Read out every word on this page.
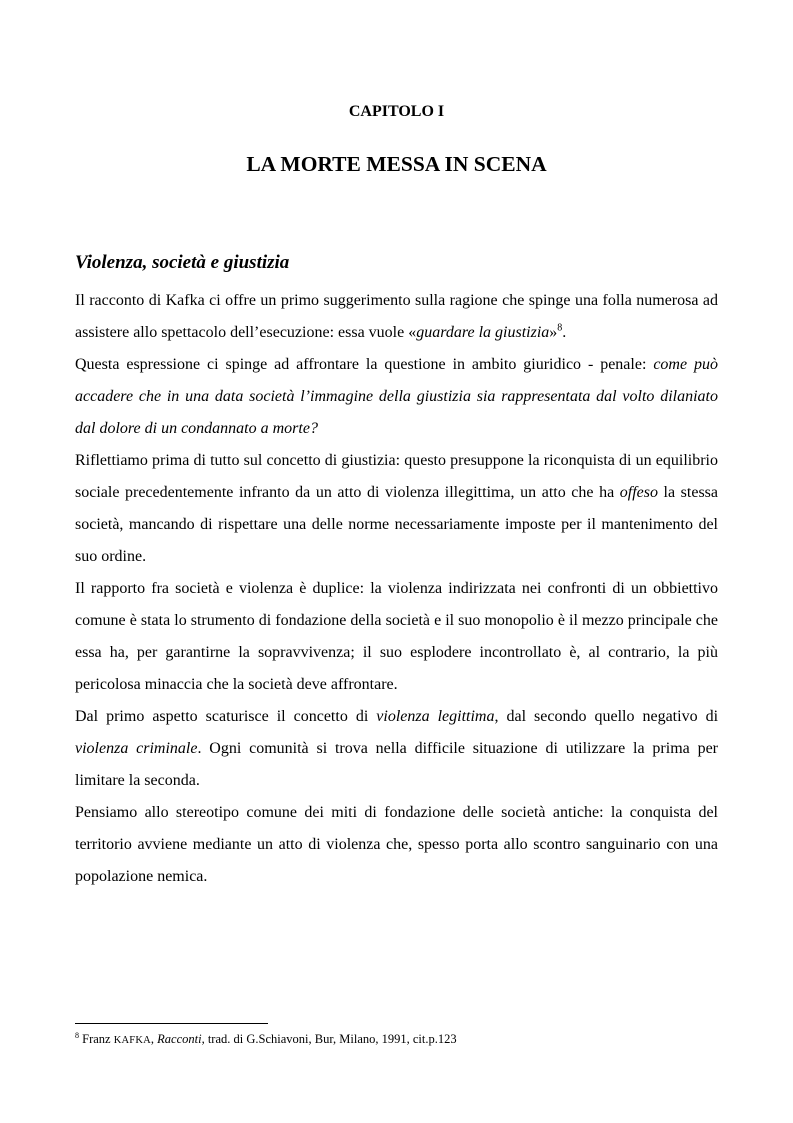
CAPITOLO I
LA MORTE MESSA IN SCENA
Violenza, società e giustizia

Il racconto di Kafka ci offre un primo suggerimento sulla ragione che spinge una folla numerosa ad assistere allo spettacolo dell’esecuzione: essa vuole «guardare la giustizia»$^8$.

Questa espressione ci spinge ad affrontare la questione in ambito giuridico - penale: come può accadere che in una data società l’immagine della giustizia sia rappresentata dal volto dilaniato dal dolore di un condannato a morte?

Riflettiamo prima di tutto sul concetto di giustizia: questo presuppone la riconquista di un equilibrio sociale precedentemente infranto da un atto di violenza illegittima, un atto che ha offeso la stessa società, mancando di rispettare una delle norme necessariamente imposte per il mantenimento del suo ordine.

Il rapporto fra società e violenza è duplice: la violenza indirizzata nei confronti di un obbiettivo comune è stata lo strumento di fondazione della società e il suo monopolio è il mezzo principale che essa ha, per garantirne la sopravvivenza; il suo esplodere incontrollato è, al contrario, la più pericolosa minaccia che la società deve affrontare.

Dal primo aspetto scaturisce il concetto di violenza legittima, dal secondo quello negativo di violenza criminale. Ogni comunità si trova nella difficile situazione di utilizzare la prima per limitare la seconda.

Pensiamo allo stereotipo comune dei miti di fondazione delle società antiche: la conquista del territorio avviene mediante un atto di violenza che, spesso porta allo scontro sanguinario con una popolazione nemica.

$^8$ Franz KAFKA, Racconti, trad. di G.Schiavoni, Bur, Milano, 1991, cit.p.123
